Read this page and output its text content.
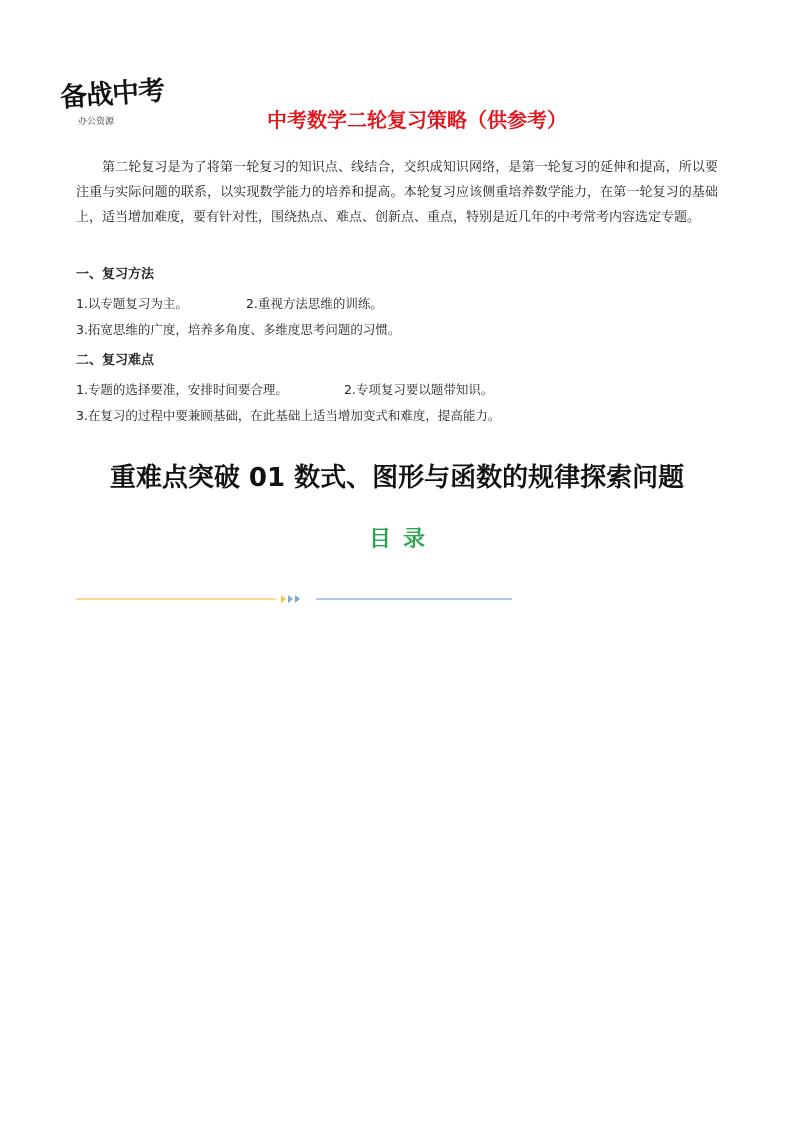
备战中考
办公资源	中考数学二轮复习策略（供参考）

第二轮复习是为了将第一轮复习的知识点、线结合，交织成知识网络，是第一轮复习的延伸和提高，所以要注重与实际问题的联系，以实现数学能力的培养和提高。本轮复习应该侧重培养数学能力，在第一轮复习的基础上，适当增加难度，要有针对性，围绕热点、难点、创新点、重点，特别是近几年的中考常考内容选定专题。

一、复习方法

1.以专题复习为主。	2.重视方法思维的训练。

3.拓宽思维的广度，培养多角度、多维度思考问题的习惯。

二、复习难点

1.专题的选择要准，安排时间要合理。	2.专项复习要以题带知识。

3.在复习的过程中要兼顾基础，在此基础上适当增加变式和难度，提高能力。

重难点突破 01 数式、图形与函数的规律探索问题
目录
